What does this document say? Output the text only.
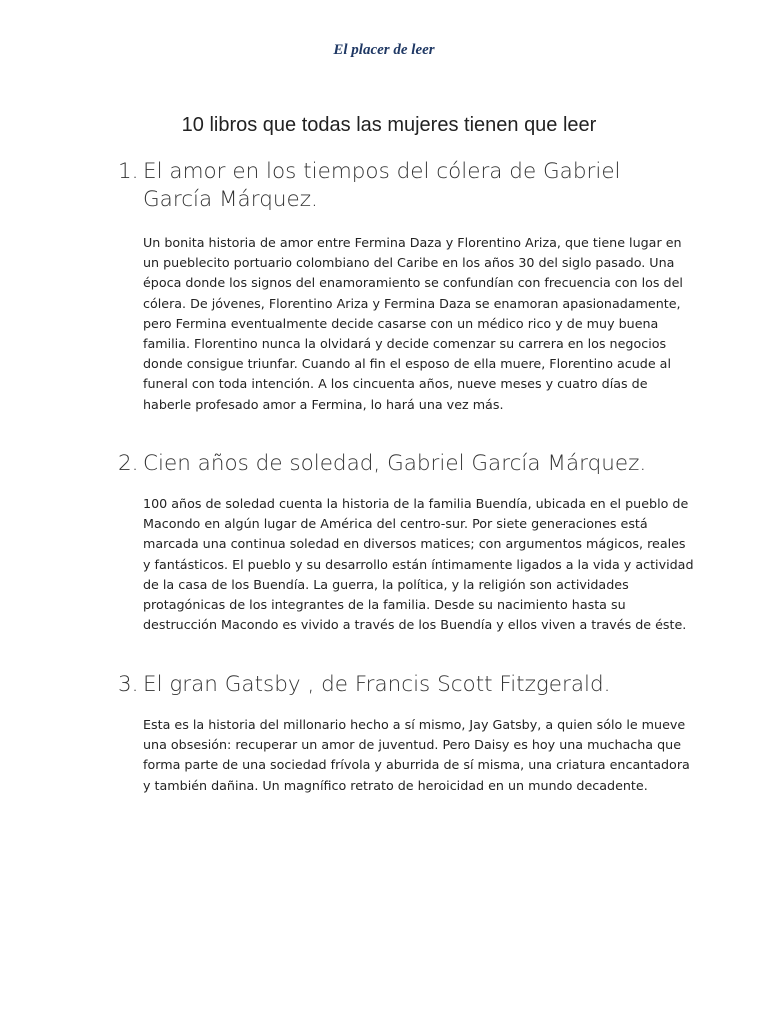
El placer de leer
10 libros que todas las mujeres tienen que leer
1. El amor en los tiempos del cólera de Gabriel García Márquez.
Un bonita historia de amor entre Fermina Daza y Florentino Ariza, que tiene lugar en un pueblecito portuario colombiano del Caribe en los años 30 del siglo pasado. Una época donde los signos del enamoramiento se confundían con frecuencia con los del cólera. De jóvenes, Florentino Ariza y Fermina Daza se enamoran apasionadamente, pero Fermina eventualmente decide casarse con un médico rico y de muy buena familia. Florentino nunca la olvidará y decide comenzar su carrera en los negocios donde consigue triunfar. Cuando al fin el esposo de ella muere, Florentino acude al funeral con toda intención. A los cincuenta años, nueve meses y cuatro días de haberle profesado amor a Fermina, lo hará una vez más.
2. Cien años de soledad, Gabriel García Márquez.
100 años de soledad cuenta la historia de la familia Buendía, ubicada en el pueblo de Macondo en algún lugar de América del centro-sur. Por siete generaciones está marcada una continua soledad en diversos matices; con argumentos mágicos, reales y fantásticos. El pueblo y su desarrollo están íntimamente ligados a la vida y actividad de la casa de los Buendía. La guerra, la política, y la religión son actividades protagónicas de los integrantes de la familia. Desde su nacimiento hasta su destrucción Macondo es vivido a través de los Buendía y ellos viven a través de éste.
3. El gran Gatsby , de Francis Scott Fitzgerald.
Esta es la historia del millonario hecho a sí mismo, Jay Gatsby, a quien sólo le mueve una obsesión: recuperar un amor de juventud. Pero Daisy es hoy una muchacha que forma parte de una sociedad frívola y aburrida de sí misma, una criatura encantadora y también dañina. Un magnífico retrato de heroicidad en un mundo decadente.
